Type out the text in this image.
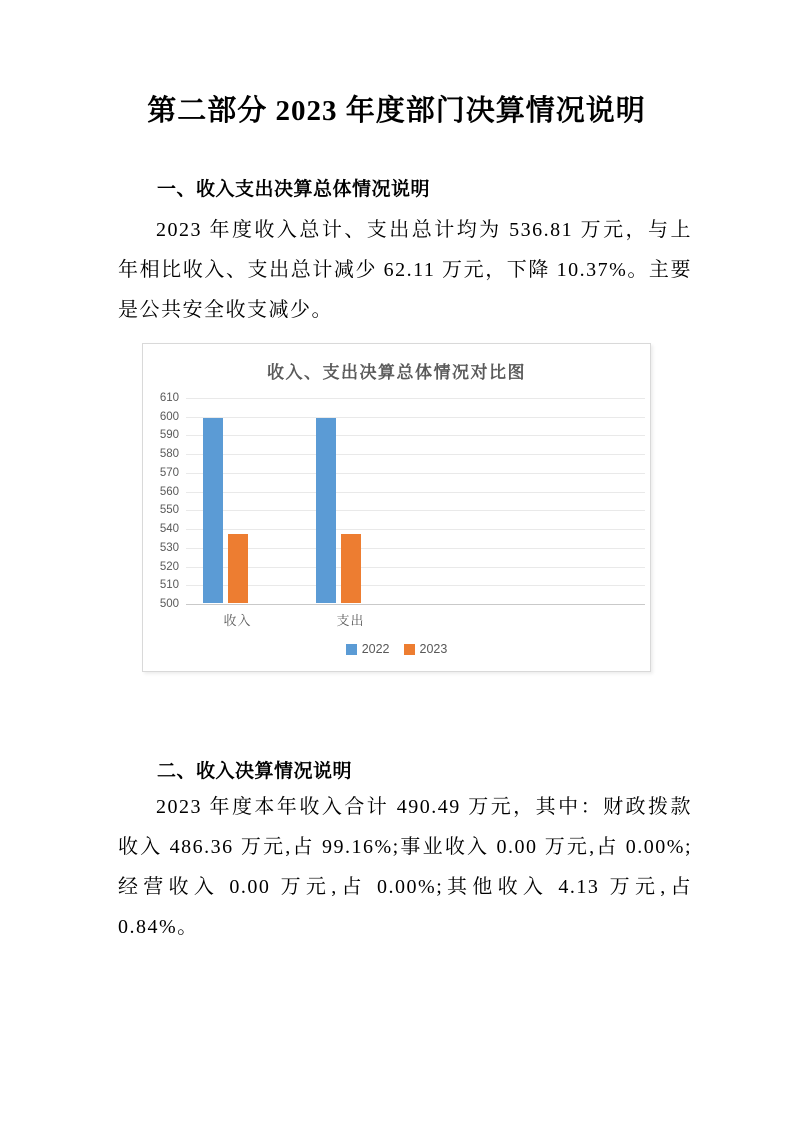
第二部分 2023 年度部门决算情况说明
一、收入支出决算总体情况说明
2023 年度收入总计、支出总计均为 536.81 万元，与上年相比收入、支出总计减少 62.11 万元，下降 10.37%。主要是公共安全收支减少。
收入、支出决算总体情况对比图
500
510
520
530
540
550
560
570
580
590
600
610
收入	支出
2022 2023
二、收入决算情况说明
2023 年度本年收入合计 490.49 万元，其中：财政拨款收入 486.36 万元,占 99.16%;事业收入 0.00 万元,占 0.00%;经营收入 0.00 万元,占 0.00%;其他收入 4.13 万元,占 0.84%。
